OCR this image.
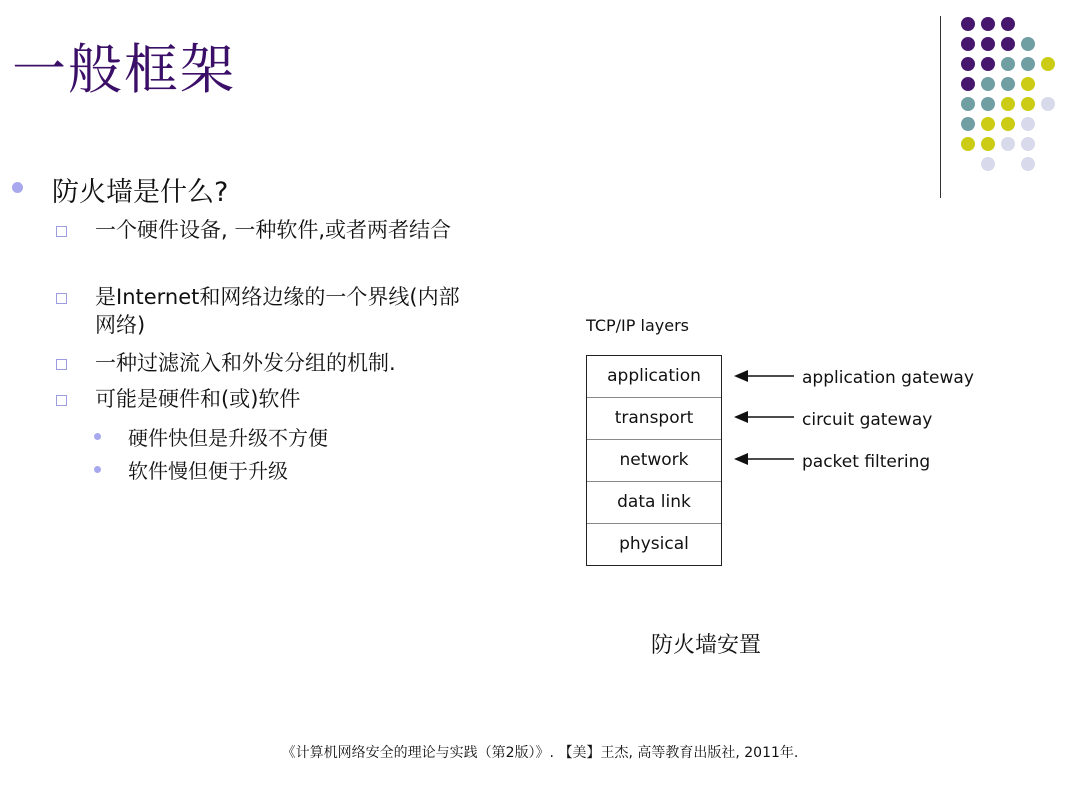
一般框架
防火墙是什么?
一个硬件设备, 一种软件,或者两者结合
是Internet和网络边缘的一个界线(内部网络)
一种过滤流入和外发分组的机制.
可能是硬件和(或)软件
硬件快但是升级不方便
软件慢但便于升级
TCP/IP layers
application
transport
network
data link
physical
application gateway
circuit gateway
packet filtering
防火墙安置
《计算机网络安全的理论与实践（第2版）》. 【美】王杰, 高等教育出版社, 2011年.
